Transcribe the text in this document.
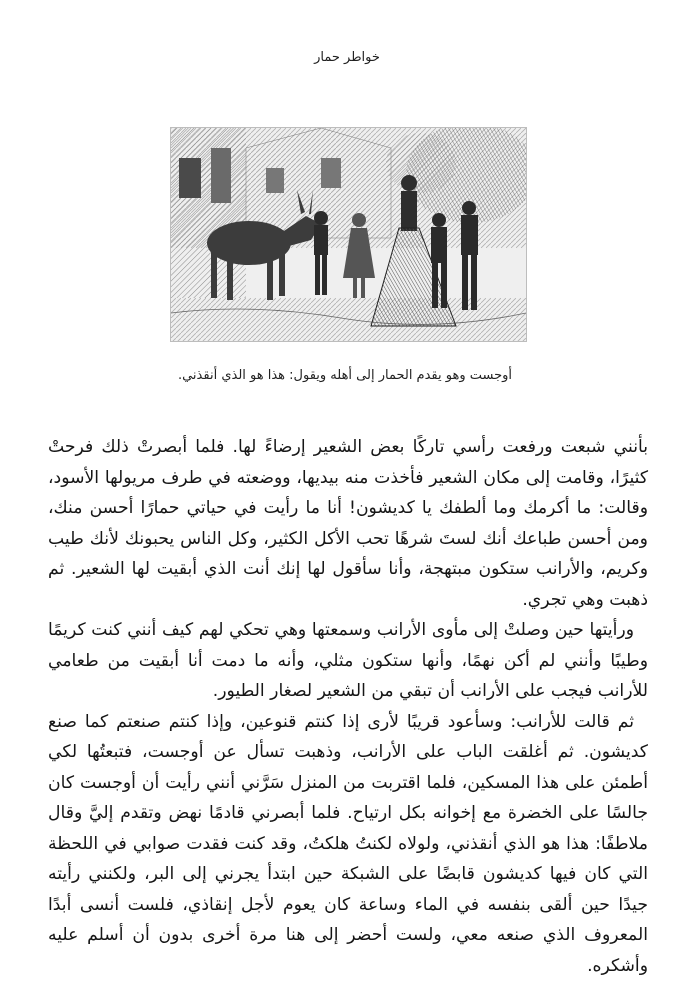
خواطر حمار
أوجست وهو يقدم الحمار إلى أهله ويقول: هذا هو الذي أنقذني.

بأنني شبعت ورفعت رأسي تاركًا بعض الشعير إرضاءً لها. فلما أبصرتْ ذلك فرحتْ كثيرًا، وقامت إلى مكان الشعير فأخذت منه بيديها، ووضعته في طرف مريولها الأسود، وقالت: ما أكرمك وما ألطفك يا كديشون! أنا ما رأيت في حياتي حمارًا أحسن منك، ومن أحسن طباعك أنك لستَ شرهًا تحب الأكل الكثير، وكل الناس يحبونك لأنك طيب وكريم، والأرانب ستكون مبتهجة، وأنا سأقول لها إنك أنت الذي أبقيت لها الشعير. ثم ذهبت وهي تجري.

ورأيتها حين وصلتْ إلى مأوى الأرانب وسمعتها وهي تحكي لهم كيف أنني كنت كريمًا وطيبًا وأنني لم أكن نهمًا، وأنها ستكون مثلي، وأنه ما دمت أنا أبقيت من طعامي للأرانب فيجب على الأرانب أن تبقي من الشعير لصغار الطيور.

ثم قالت للأرانب: وسأعود قريبًا لأرى إذا كنتم قنوعين، وإذا كنتم صنعتم كما صنع كديشون. ثم أغلقت الباب على الأرانب، وذهبت تسأل عن أوجست، فتبعتُها لكي أطمئن على هذا المسكين، فلما اقتربت من المنزل سَرَّني أنني رأيت أن أوجست كان جالسًا على الخضرة مع إخوانه بكل ارتياح. فلما أبصرني قادمًا نهض وتقدم إليَّ وقال ملاطفًا: هذا هو الذي أنقذني، ولولاه لكنتُ هلكتُ، وقد كنت فقدت صوابي في اللحظة التي كان فيها كديشون قابضًا على الشبكة حين ابتدأ يجرني إلى البر، ولكنني رأيته جيدًا حين ألقى بنفسه في الماء وساعة كان يعوم لأجل إنقاذي، فلست أنسى أبدًا المعروف الذي صنعه معي، ولست أحضر إلى هنا مرة أخرى بدون أن أسلم عليه وأشكره.
